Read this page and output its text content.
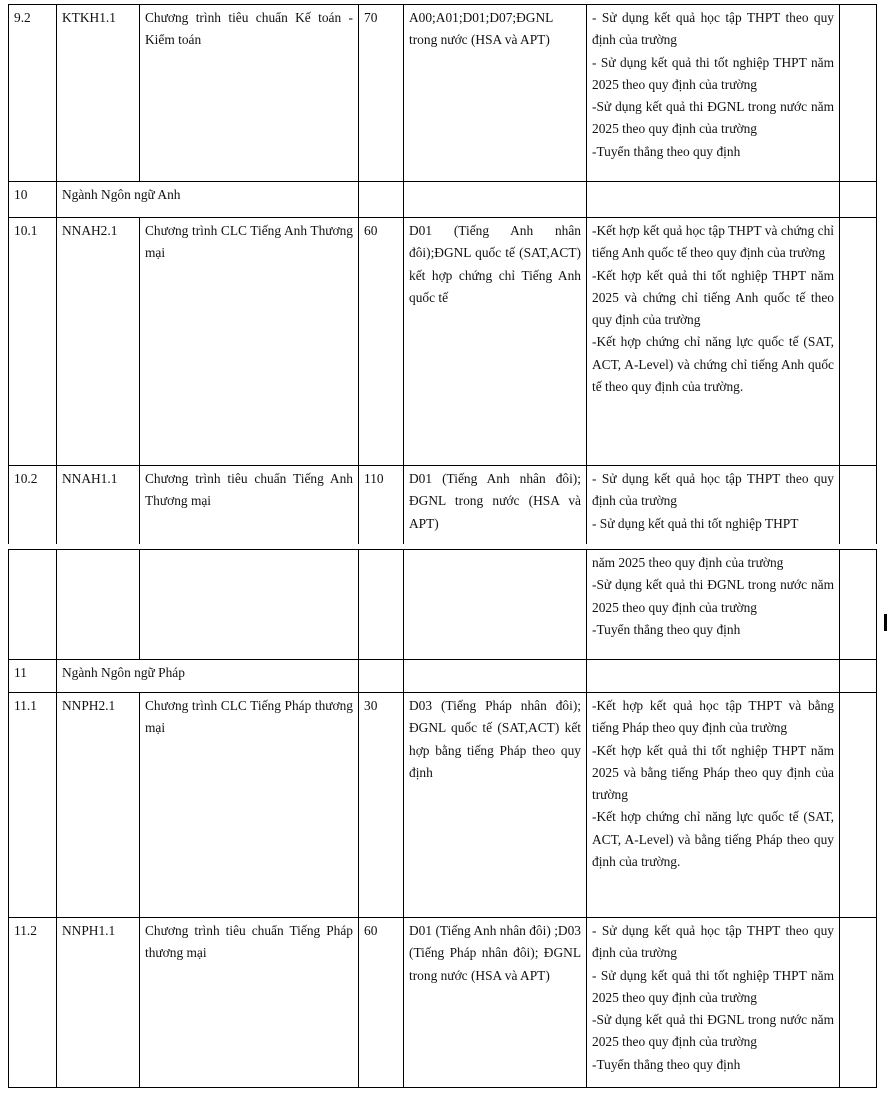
9.2	KTKH1.1	Chương trình tiêu chuẩn Kế toán - Kiểm toán	70	A00;A01;D01;D07;ĐGNL trong nước (HSA và APT)	- Sử dụng kết quả học tập THPT theo quy định của trường
- Sử dụng kết quả thi tốt nghiệp THPT năm 2025 theo quy định của trường
-Sử dụng kết quả thi ĐGNL trong nước năm 2025 theo quy định của trường
-Tuyển thẳng theo quy định	

10	Ngành Ngôn ngữ Anh					
10.1	NNAH2.1	Chương trình CLC Tiếng Anh Thương mại	60	D01 (Tiếng Anh nhân đôi);ĐGNL quốc tế (SAT,ACT) kết hợp chứng chỉ Tiếng Anh quốc tế	-Kết hợp kết quả học tập THPT và chứng chỉ tiếng Anh quốc tế theo quy định của trường
-Kết hợp kết quả thi tốt nghiệp THPT năm 2025 và chứng chỉ tiếng Anh quốc tế theo quy định của trường
-Kết hợp chứng chỉ năng lực quốc tế (SAT, ACT, A-Level) và chứng chỉ tiếng Anh quốc tế theo quy định của trường.	

10.2	NNAH1.1	Chương trình tiêu chuẩn Tiếng Anh Thương mại	110	D01 (Tiếng Anh nhân đôi); ĐGNL trong nước (HSA và APT)	- Sử dụng kết quả học tập THPT theo quy định của trường
- Sử dụng kết quả thi tốt nghiệp THPT	

					năm 2025 theo quy định của trường
-Sử dụng kết quả thi ĐGNL trong nước năm 2025 theo quy định của trường
-Tuyển thẳng theo quy định	

11	Ngành Ngôn ngữ Pháp					
11.1	NNPH2.1	Chương trình CLC Tiếng Pháp thương mại	30	D03 (Tiếng Pháp nhân đôi); ĐGNL quốc tế (SAT,ACT) kết hợp bằng tiếng Pháp theo quy định	-Kết hợp kết quả học tập THPT và bằng tiếng Pháp theo quy định của trường
-Kết hợp kết quả thi tốt nghiệp THPT năm 2025 và bằng tiếng Pháp theo quy định của trường
-Kết hợp chứng chỉ năng lực quốc tế (SAT, ACT, A-Level) và bằng tiếng Pháp theo quy định của trường.	

11.2	NNPH1.1	Chương trình tiêu chuẩn Tiếng Pháp thương mại	60	D01 (Tiếng Anh nhân đôi) ;D03 (Tiếng Pháp nhân đôi); ĐGNL trong nước (HSA và APT)	- Sử dụng kết quả học tập THPT theo quy định của trường
- Sử dụng kết quả thi tốt nghiệp THPT năm 2025 theo quy định của trường
-Sử dụng kết quả thi ĐGNL trong nước năm 2025 theo quy định của trường
-Tuyển thẳng theo quy định	
